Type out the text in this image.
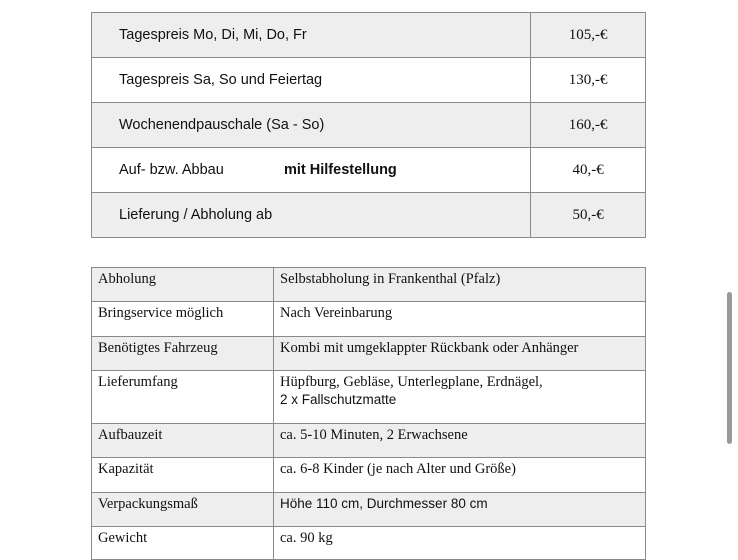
Tagespreis Mo, Di, Mi, Do, Fr	105,-€
Tagespreis Sa, So und Feiertag	130,-€
Wochenendpauschale (Sa - So)	160,-€
Auf- bzw. Abbau mit Hilfestellung	40,-€
Lieferung / Abholung ab	50,-€
Abholung	Selbstabholung in Frankenthal (Pfalz)
Bringservice möglich	Nach Vereinbarung
Benötigtes Fahrzeug	Kombi mit umgeklappter Rückbank oder Anhänger
Lieferumfang	Hüpfburg, Gebläse, Unterlegplane, Erdnägel,
2 x Fallschutzmatte

Aufbauzeit	ca. 5-10 Minuten, 2 Erwachsene
Kapazität	ca. 6-8 Kinder (je nach Alter und Größe)
Verpackungsmaß	Höhe 110 cm, Durchmesser 80 cm
Gewicht	ca. 90 kg
